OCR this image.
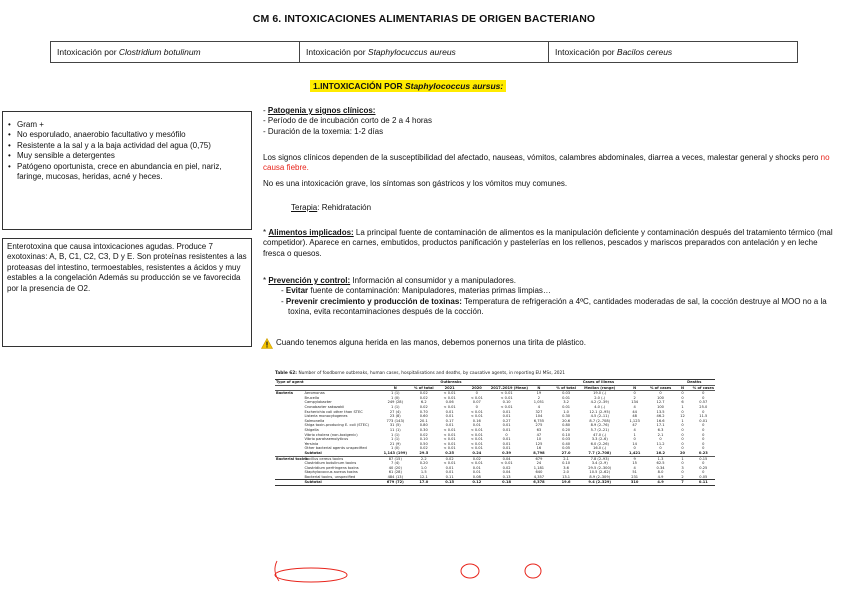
CM 6. INTOXICACIONES ALIMENTARIAS DE ORIGEN BACTERIANO
Intoxicación por Clostridium botulinum	Intoxicación por Staphylocuccus aureus	Intoxicación por Bacilos cereus
1.INTOXICACIÓN POR Staphylococcus aursus:
• Gram +
• No esporulado, anaerobio facultativo y mesófilo
• Resistente a la sal y a la baja actividad del agua (0,75)
• Muy sensible a detergentes
• Patógeno oportunista, crece en abundancia en piel, nariz, faringe, mucosas, heridas, acné y heces.
Enterotoxina que causa intoxicaciones agudas. Produce 7 exotoxinas: A, B, C1, C2, C3, D y E. Son proteínas resistentes a las proteasas del intestino, termoestables, resistentes a ácidos y muy estables a la congelación Además su producción se ve favorecida por la presencia de O2.
- Patogenia y signos clínicos:
- Período de de incubación corto de 2 a 4 horas
- Duración de la toxemia: 1-2 días
Los signos clínicos dependen de la susceptibilidad del afectado, nauseas, vómitos, calambres abdominales, diarrea a veces, malestar general y shocks pero no causa fiebre.
No es una intoxicación grave, los síntomas son gástricos y los vómitos muy comunes.
Terapia: Rehidratación
* Alimentos implicados: La principal fuente de contaminación de alimentos es la manipulación deficiente y contaminación después del tratamiento térmico (mal competidor). Aparece en carnes, embutidos, productos panificación y pastelerías en los rellenos, pescados y mariscos preparados con antelación y en leche fresca o quesos.
* Prevención y control: Información al consumidor y a manipuladores.
- Evitar fuente de contaminación: Manipuladores, materias primas limpias…
- Prevenir crecimiento y producción de toxinas: Temperatura de refrigeración a 4ºC, cantidades moderadas de sal, la cocción destruye al MOO no a la toxina, evita recontaminaciones después de la cocción.
Cuando tenemos alguna herida en las manos, debemos ponernos una tirita de plástico.
Table 62: Number of foodborne outbreaks, human cases, hospitalisations and deaths, by causative agents, in reporting EU MSs, 2021
Type of agent		Outbreaks					Cases of illness					Deaths	
		N	% of total	2021	2020	2017–2019 (Mean)	N	% of total	Median (range)	N	% of cases	N	% of cases
Bacteria	Aeromonas	1 (1)	0.02	< 0.01	0	< 0.01	19	0.03	19.0 (-)	0	0	0	0
	Brucella	1 (0)	0.02	< 0.01	< 0.01	< 0.01	2	0.01	2.0 (-)	2	100	0	0
	Campylobacter	249 (28)	6.2	0.06	0.07	0.10	1,051	3.2	4.2 (2–39)	134	12.7	6	0.57
	Cronobacter sakazakii	1 (1)	0.02	< 0.01	0	< 0.01	4	0.01	4.0 (-)	4	100	1	25.0
	Escherichia coli other than STEC	27 (4)	0.70	0.01	< 0.01	0.01	327	1.0	12.1 (2–95)	44	13.5	0	0
	Listeria monocytogenes	23 (8)	0.60	0.01	< 0.01	0.01	104	0.30	4.5 (2–11)	48	46.2	12	11.5
	Salmonella	773 (143)	20.1	0.17	0.16	0.27	6,755	20.6	8.7 (2–708)	1,123	16.6	1	0.01
	Shiga toxin-producing E. coli (STEC)	31 (5)	0.80	0.01	0.01	0.01	275	0.80	8.9 (2–76)	47	17.1	0	0
	Shigella	11 (1)	0.30	< 0.01	< 0.01	0.01	63	0.20	5.7 (2–21)	4	6.3	0	0
	Vibrio cholera (non-toxigenic)	1 (1)	0.02	< 0.01	< 0.01	0	47	0.10	47.0 (-)	1	2.1	0	0
	Vibrio parahaemolyticus	1 (1)	0.10	< 0.01	< 0.01	0.01	10	0.03	3.3 (2–6)	0	0	0	0
	Yersinia	21 (9)	0.50	< 0.01	< 0.01	0.01	125	0.40	6.0 (2–26)	14	11.2	0	0
	Other bacterial agents unspecified	1 (0)	0.02	< 0.01	< 0.01	0.01	16	0.05	16.0 (-)	0	0	0	0
	Subtotal	1,143 (199)	29.5	0.25	0.24	0.39	8,798	27.0	7.7 (2–708)	1,421	16.2	20	0.23
Bacterial toxins	Bacillus cereus toxins	87 (15)	2.2	0.02	0.02	0.04	679	2.1	7.8 (2–93)	9	1.3	1	0.15
	Clostridium botulinum toxins	7 (4)	0.20	< 0.01	< 0.01	< 0.01	24	0.10	3.4 (2–9)	15	62.5	0	0
	Clostridium perfringens toxins	40 (20)	1.0	0.01	0.01	0.02	1,181	3.6	29.5 (2–300)	4	0.34	3	0.25
	Staphylococcus aureus toxins	61 (28)	1.5	0.01	0.01	0.04	640	2.0	10.5 (2–62)	51	8.0	0	0
	Bacterial toxins, unspecified	484 (13)	12.1	0.11	0.08	0.13	4,357	13.1	8.9 (2–309)	231	4.9	2	0.05
	Subtotal	679 (72)	17.0	0.15	0.12	0.18	6,378	19.6	9.4 (2–329)	310	4.9	7	0.11
